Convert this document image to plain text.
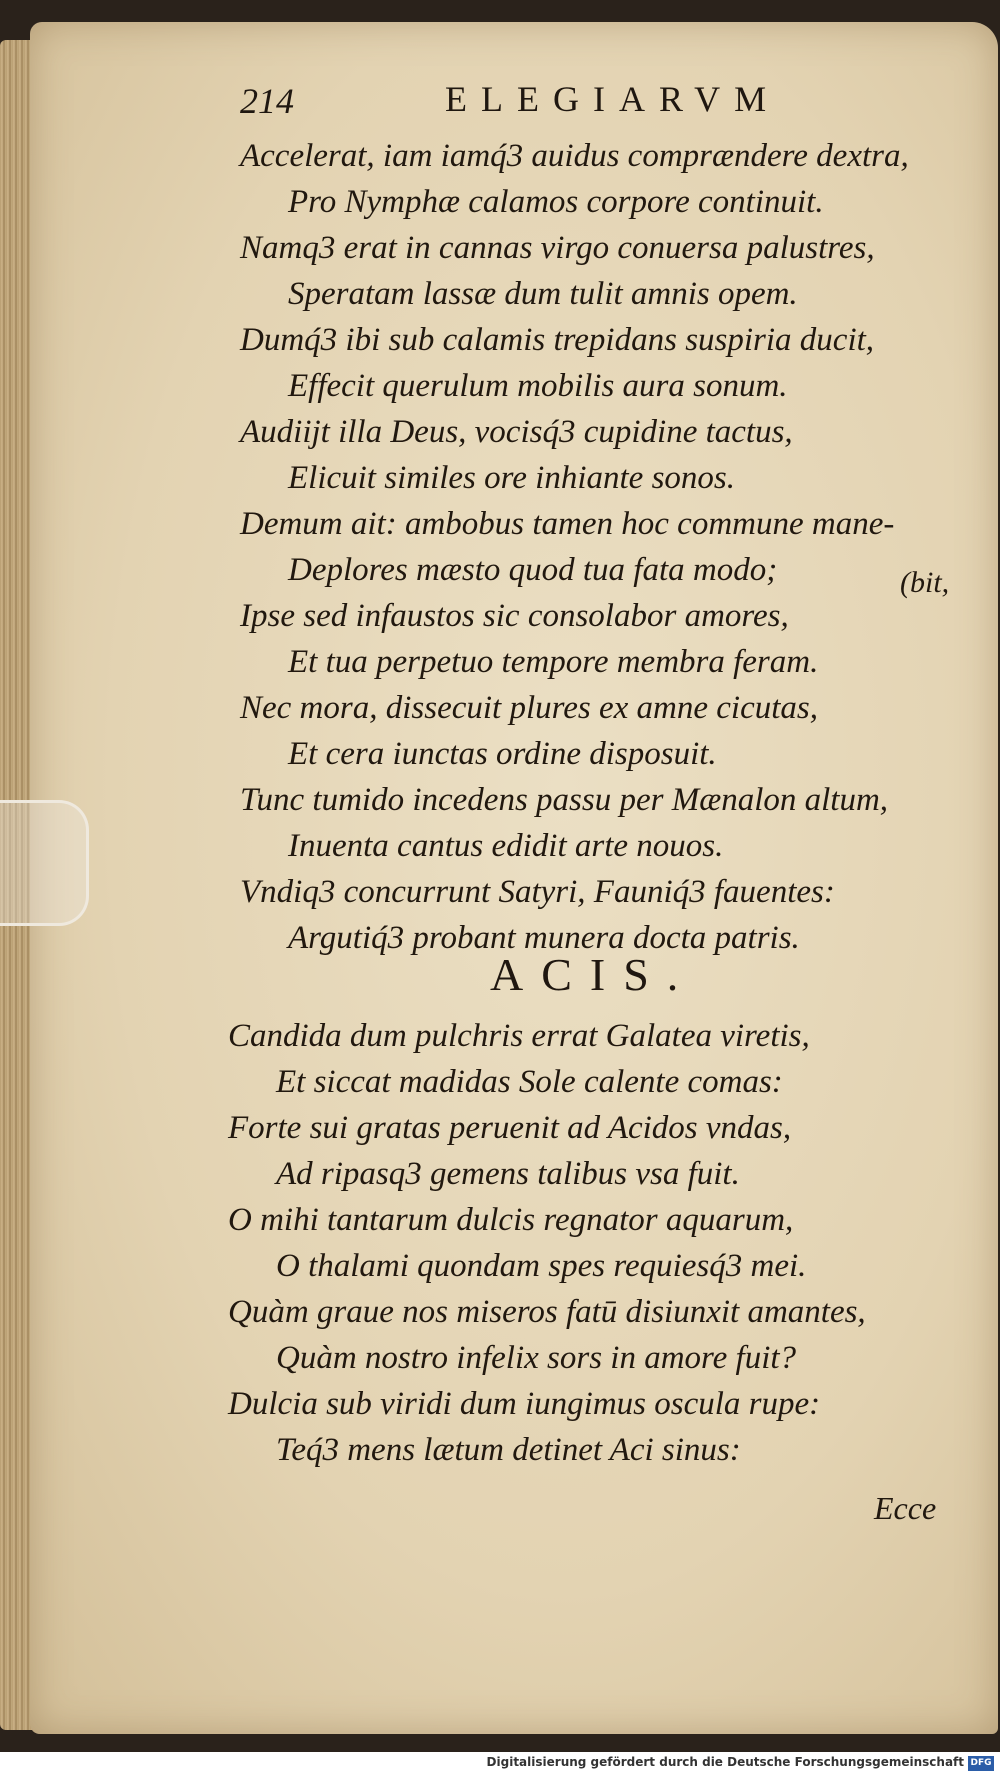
214	ELEGIARVM
Accelerat, iam iamq́3 auidus comprændere dextra,
Pro Nymphæ calamos corpore continuit.
Namq3 erat in cannas virgo conuersa palustres,
Speratam lassæ dum tulit amnis opem.
Dumq́3 ibi sub calamis trepidans suspiria ducit,
Effecit querulum mobilis aura sonum.
Audiijt illa Deus, vocisq́3 cupidine tactus,
Elicuit similes ore inhiante sonos.
Demum ait: ambobus tamen hoc commune mane-
Deplores mæsto quod tua fata modo;
Ipse sed infaustos sic consolabor amores,
Et tua perpetuo tempore membra feram.
Nec mora, dissecuit plures ex amne cicutas,
Et cera iunctas ordine disposuit.
Tunc tumido incedens passu per Mænalon altum,
Inuenta cantus edidit arte nouos.
Vndiq3 concurrunt Satyri, Fauniq́3 fauentes:
Argutiq́3 probant munera docta patris.
(bit,
ACIS.
Candida dum pulchris errat Galatea viretis,
Et siccat madidas Sole calente comas:
Forte sui gratas peruenit ad Acidos vndas,
Ad ripasq3 gemens talibus vsa fuit.
O mihi tantarum dulcis regnator aquarum,
O thalami quondam spes requiesq́3 mei.
Quàm graue nos miseros fatū disiunxit amantes,
Quàm nostro infelix sors in amore fuit?
Dulcia sub viridi dum iungimus oscula rupe:
Teq́3 mens lætum detinet Aci sinus:
Ecce
Digitalisierung gefördert durch die Deutsche Forschungsgemeinschaft DFG
